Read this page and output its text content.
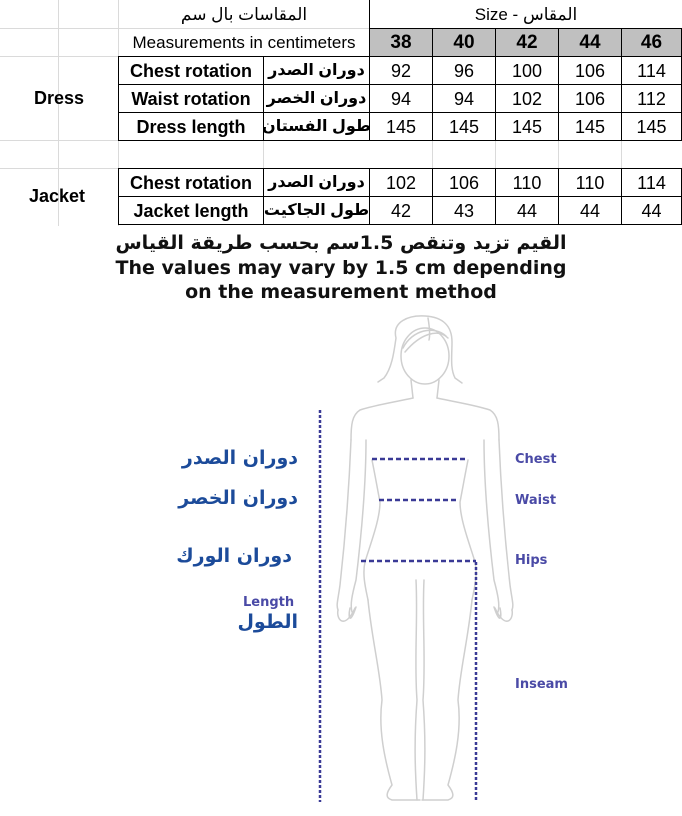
المقاسات بال سم	Size - المقاس
Measurements in centimeters	38	40	42	44	46
Dress
Chest rotation	دوران الصدر	92	96	100	106	114
Waist rotation دوران الخصر	94	94	102	106	112
Dress length	طول الفستان 145	145	145	145	145
Jacket
Chest rotation	دوران الصدر	102	106	110	110	114
Jacket length طول الجاكيت	42	43	44	44	44
القيم تزيد وتنقص 1.5سم بحسب طريقة القياس
The values may vary by 1.5 cm depending
on the measurement method
دوران الصدر
دوران الخصر
دوران الورك
Length
الطول
Chest
Waist
Hips
Inseam
